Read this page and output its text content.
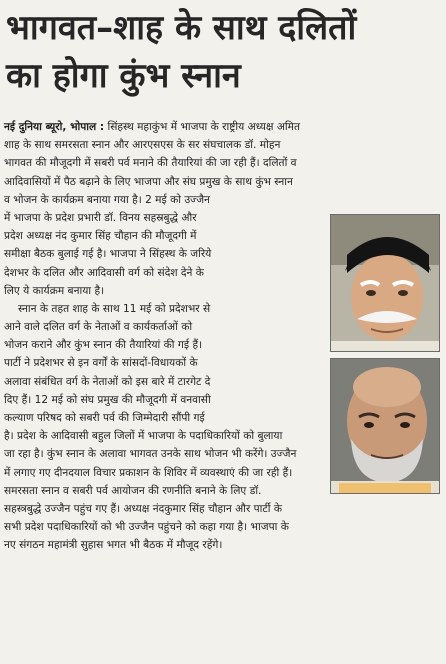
भागवत–शाह के साथ दलितों
का होगा कुंभ स्नान
नई दुनिया ब्यूरो, भोपाल : सिंहस्थ महाकुंभ में भाजपा के राष्ट्रीय अध्यक्ष अमित
शाह के साथ समरसता स्नान और आरएसएस के सर संघचालक डॉ. मोहन
भागवत की मौजूदगी में सबरी पर्व मनाने की तैयारियां की जा रही हैं। दलितों व
आदिवासियों में पैठ बढ़ाने के लिए भाजपा और संघ प्रमुख के साथ कुंभ स्नान
व भोजन के कार्यक्रम बनाया गया है। 2 मई को उज्जैन
में भाजपा के प्रदेश प्रभारी डॉ. विनय सहस्रबुद्धे और
प्रदेश अध्यक्ष नंद कुमार सिंह चौहान की मौजूदगी में
समीक्षा बैठक बुलाई गई है। भाजपा ने सिंहस्थ के जरिये
देशभर के दलित और आदिवासी वर्ग को संदेश देने के
लिए ये कार्यक्रम बनाया है।
स्नान के तहत शाह के साथ 11 मई को प्रदेशभर से
आने वाले दलित वर्ग के नेताओं व कार्यकर्ताओं को
भोजन कराने और कुंभ स्नान की तैयारियां की गई हैं।
पार्टी ने प्रदेशभर से इन वर्गों के सांसदों-विधायकों के
अलावा संबंधित वर्ग के नेताओं को इस बारे में टारगेट दे
दिए हैं। 12 मई को संघ प्रमुख की मौजूदगी में वनवासी
कल्याण परिषद को सबरी पर्व की जिम्मेदारी सौंपी गई
है। प्रदेश के आदिवासी बहुल जिलों में भाजपा के पदाधिकारियों को बुलाया
जा रहा है। कुंभ स्नान के अलावा भागवत उनके साथ भोजन भी करेंगे। उज्जैन
में लगाए गए दीनदयाल विचार प्रकाशन के शिविर में व्यवस्थाएं की जा रही हैं।
समरसता स्नान व सबरी पर्व आयोजन की रणनीति बनाने के लिए डॉ.
सहस्त्रबुद्धे उज्जैन पहुंच गए हैं। अध्यक्ष नंदकुमार सिंह चौहान और पार्टी के
सभी प्रदेश पदाधिकारियों को भी उज्जैन पहुंचने को कहा गया है। भाजपा के
नए संगठन महामंत्री सुहास भगत भी बैठक में मौजूद रहेंगे।
